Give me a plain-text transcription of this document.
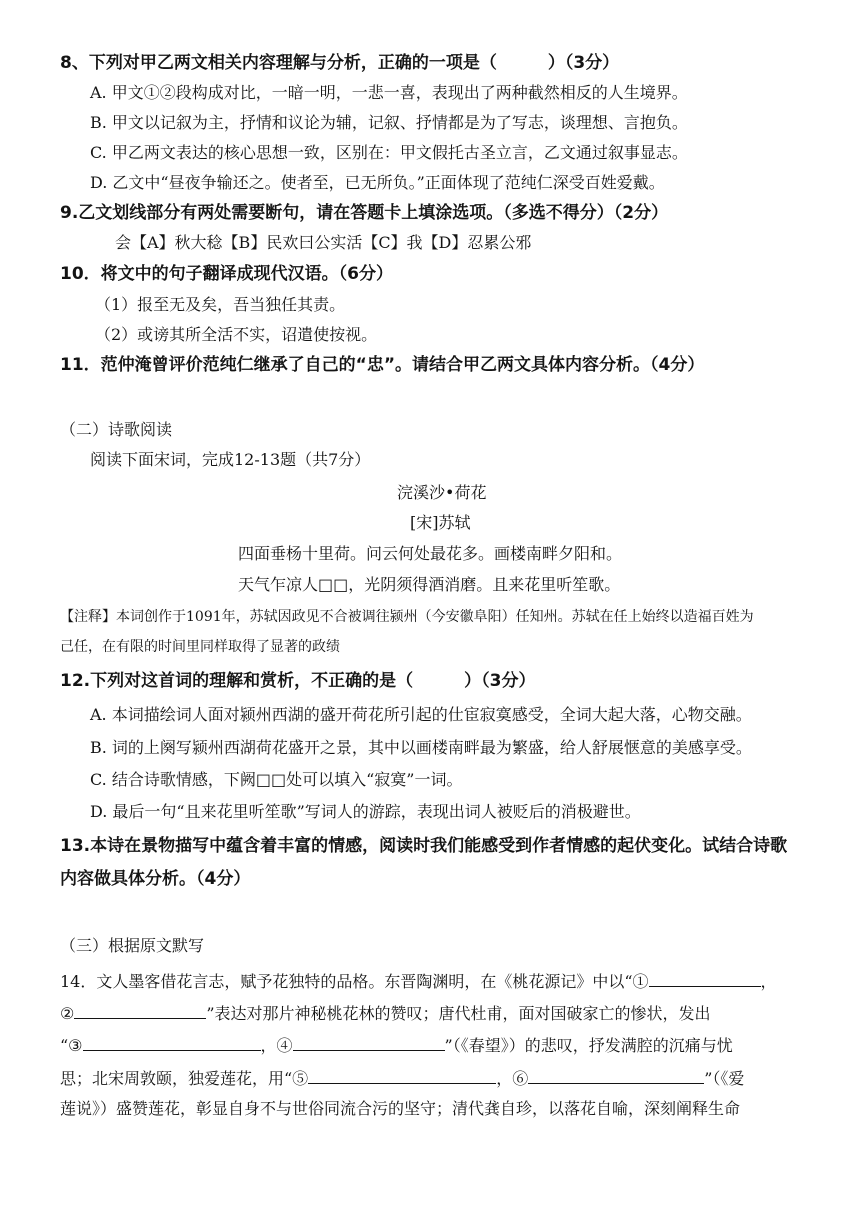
8、下列对甲乙两文相关内容理解与分析，正确的一项是（　　　）（3分）
A. 甲文①②段构成对比，一暗一明，一悲一喜，表现出了两种截然相反的人生境界。
B. 甲文以记叙为主，抒情和议论为辅，记叙、抒情都是为了写志，谈理想、言抱负。
C. 甲乙两文表达的核心思想一致，区别在：甲文假托古圣立言，乙文通过叙事显志。
D. 乙文中“昼夜争输还之。使者至，已无所负。”正面体现了范纯仁深受百姓爱戴。
9.乙文划线部分有两处需要断句，请在答题卡上填涂选项。（多选不得分）（2分）
会【A】秋大稔【B】民欢曰公实活【C】我【D】忍累公邪
10．将文中的句子翻译成现代汉语。（6分）
（1）报至无及矣，吾当独任其责。
（2）或谤其所全活不实，诏遣使按视。
11．范仲淹曾评价范纯仁继承了自己的“忠”。请结合甲乙两文具体内容分析。（4分）
（二）诗歌阅读
阅读下面宋词，完成12-13题（共7分）
浣溪沙•荷花
[宋]苏轼
四面垂杨十里荷。问云何处最花多。画楼南畔夕阳和。
天气乍凉人□□，光阴须得酒消磨。且来花里听笙歌。
【注释】本词创作于1091年，苏轼因政见不合被调往颍州（今安徽阜阳）任知州。苏轼在任上始终以造福百姓为
己任，在有限的时间里同样取得了显著的政绩
12.下列对这首词的理解和赏析，不正确的是（　　　）（3分）
A. 本词描绘词人面对颍州西湖的盛开荷花所引起的仕宦寂寞感受，全词大起大落，心物交融。
B. 词的上阕写颍州西湖荷花盛开之景，其中以画楼南畔最为繁盛，给人舒展惬意的美感享受。
C. 结合诗歌情感，下阙□□处可以填入“寂寞”一词。
D. 最后一句“且来花里听笙歌”写词人的游踪，表现出词人被贬后的消极避世。
13.本诗在景物描写中蕴含着丰富的情感，阅读时我们能感受到作者情感的起伏变化。试结合诗歌
内容做具体分析。（4分）
（三）根据原文默写
14．文人墨客借花言志，赋予花独特的品格。东晋陶渊明，在《桃花源记》中以“①	，
②	”表达对那片神秘桃花林的赞叹；唐代杜甫，面对国破家亡的惨状，发出
“③	，④	”（《春望》）的悲叹，抒发满腔的沉痛与忧
思；北宋周敦颐，独爱莲花，用“⑤	，⑥	”（《爱
莲说》）盛赞莲花，彰显自身不与世俗同流合污的坚守；清代龚自珍，以落花自喻，深刻阐释生命
